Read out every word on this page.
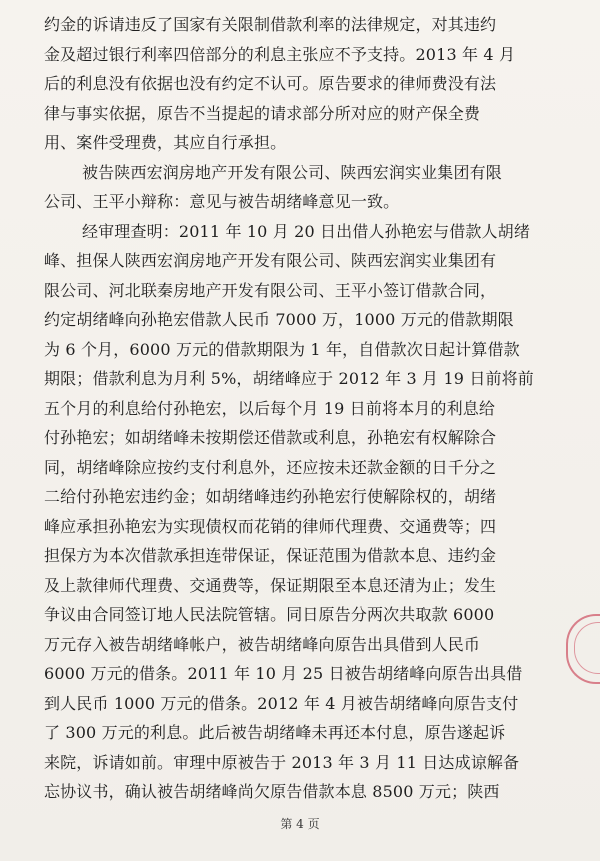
约金的诉请违反了国家有关限制借款利率的法律规定，对其违约
金及超过银行利率四倍部分的利息主张应不予支持。2013 年 4 月
后的利息没有依据也没有约定不认可。原告要求的律师费没有法
律与事实依据，原告不当提起的请求部分所对应的财产保全费
用、案件受理费，其应自行承担。
被告陕西宏润房地产开发有限公司、陕西宏润实业集团有限
公司、王平小辩称：意见与被告胡绪峰意见一致。
经审理查明：2011 年 10 月 20 日出借人孙艳宏与借款人胡绪
峰、担保人陕西宏润房地产开发有限公司、陕西宏润实业集团有
限公司、河北联秦房地产开发有限公司、王平小签订借款合同，
约定胡绪峰向孙艳宏借款人民币 7000 万，1000 万元的借款期限
为 6 个月，6000 万元的借款期限为 1 年，自借款次日起计算借款
期限；借款利息为月利 5%，胡绪峰应于 2012 年 3 月 19 日前将前
五个月的利息给付孙艳宏，以后每个月 19 日前将本月的利息给
付孙艳宏；如胡绪峰未按期偿还借款或利息，孙艳宏有权解除合
同，胡绪峰除应按约支付利息外，还应按未还款金额的日千分之
二给付孙艳宏违约金；如胡绪峰违约孙艳宏行使解除权的，胡绪
峰应承担孙艳宏为实现债权而花销的律师代理费、交通费等；四
担保方为本次借款承担连带保证，保证范围为借款本息、违约金
及上款律师代理费、交通费等，保证期限至本息还清为止；发生
争议由合同签订地人民法院管辖。同日原告分两次共取款 6000
万元存入被告胡绪峰帐户，被告胡绪峰向原告出具借到人民币
6000 万元的借条。2011 年 10 月 25 日被告胡绪峰向原告出具借
到人民币 1000 万元的借条。2012 年 4 月被告胡绪峰向原告支付
了 300 万元的利息。此后被告胡绪峰未再还本付息，原告遂起诉
来院，诉请如前。审理中原被告于 2013 年 3 月 11 日达成谅解备
忘协议书，确认被告胡绪峰尚欠原告借款本息 8500 万元；陕西
第 4 页
